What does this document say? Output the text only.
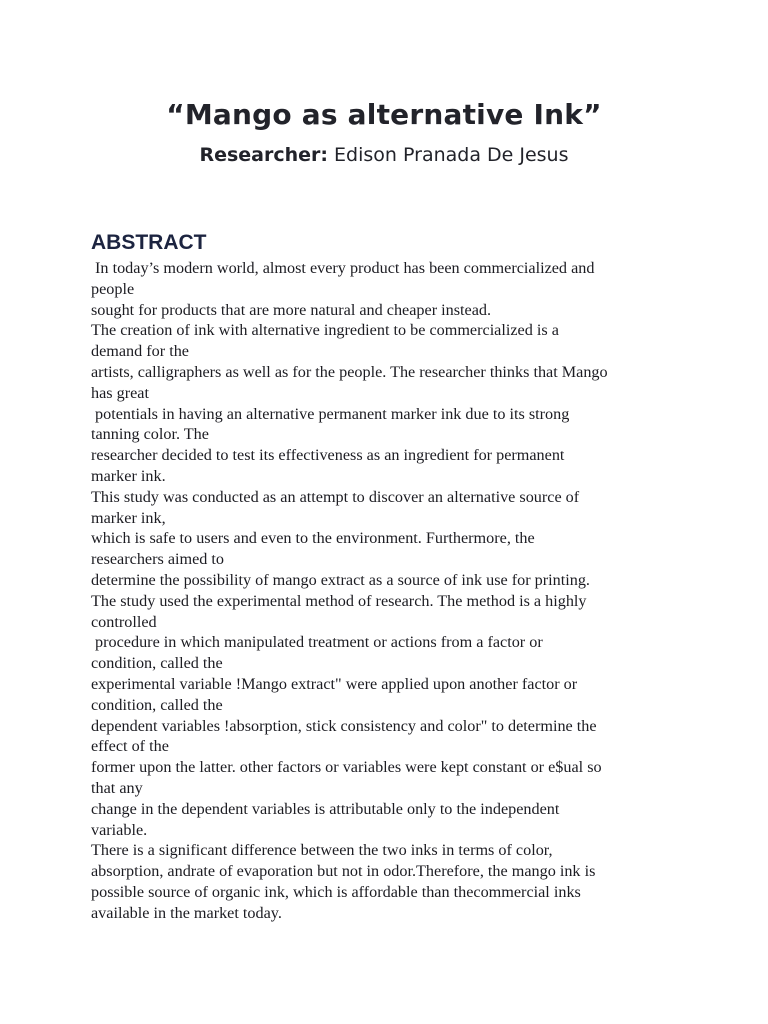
“Mango as alternative Ink”
Researcher: Edison Pranada De Jesus
ABSTRACT
In today’s modern world, almost every product has been commercialized and
people
sought for products that are more natural and cheaper instead.
The creation of ink with alternative ingredient to be commercialized is a
demand for the
artists, calligraphers as well as for the people. The researcher thinks that Mango
has great
potentials in having an alternative permanent marker ink due to its strong
tanning color. The
researcher decided to test its effectiveness as an ingredient for permanent
marker ink.
This study was conducted as an attempt to discover an alternative source of
marker ink,
which is safe to users and even to the environment. Furthermore, the
researchers aimed to
determine the possibility of mango extract as a source of ink use for printing.
The study used the experimental method of research. The method is a highly
controlled
procedure in which manipulated treatment or actions from a factor or
condition, called the
experimental variable !Mango extract" were applied upon another factor or
condition, called the
dependent variables !absorption, stick consistency and color" to determine the
effect of the
former upon the latter. other factors or variables were kept constant or e$ual so
that any
change in the dependent variables is attributable only to the independent
variable.
There is a significant difference between the two inks in terms of color,
absorption, andrate of evaporation but not in odor.Therefore, the mango ink is
possible source of organic ink, which is affordable than thecommercial inks
available in the market today.
